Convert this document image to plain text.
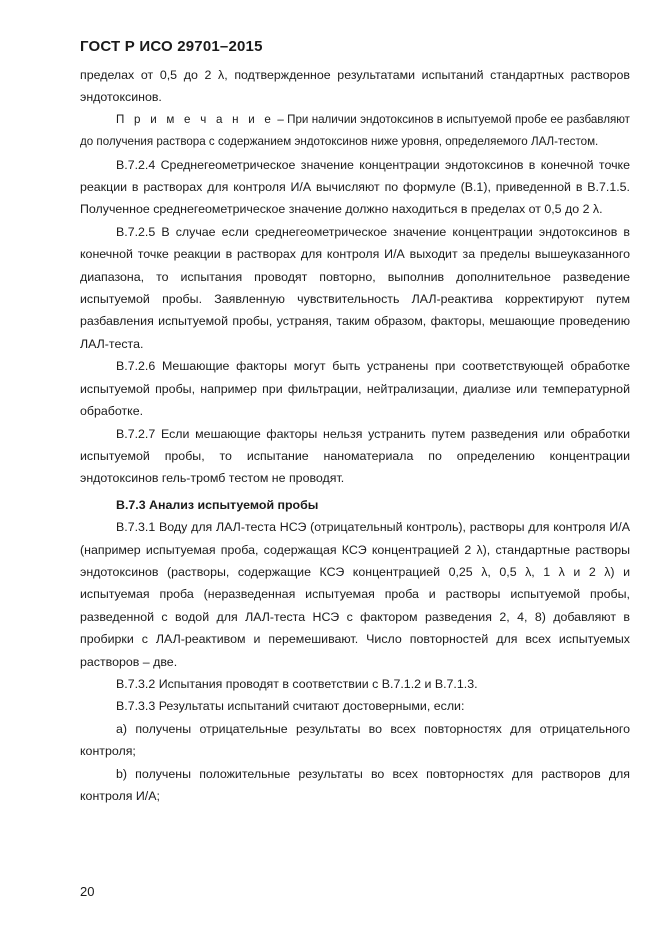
ГОСТ Р ИСО 29701–2015

пределах от 0,5 до 2 λ, подтвержденное результатами испытаний стандартных растворов эндотоксинов.

П р и м е ч а н и е – При наличии эндотоксинов в испытуемой пробе ее разбавляют до получения раствора с содержанием эндотоксинов ниже уровня, определяемого ЛАЛ-тестом.

В.7.2.4 Среднегеометрическое значение концентрации эндотоксинов в конечной точке реакции в растворах для контроля И/А вычисляют по формуле (В.1), приведенной в В.7.1.5. Полученное среднегеометрическое значение должно находиться в пределах от 0,5 до 2 λ.

В.7.2.5 В случае если среднегеометрическое значение концентрации эндотоксинов в конечной точке реакции в растворах для контроля И/А выходит за пределы вышеуказанного диапазона, то испытания проводят повторно, выполнив дополнительное разведение испытуемой пробы. Заявленную чувствительность ЛАЛ-реактива корректируют путем разбавления испытуемой пробы, устраняя, таким образом, факторы, мешающие проведению ЛАЛ-теста.

В.7.2.6 Мешающие факторы могут быть устранены при соответствующей обработке испытуемой пробы, например при фильтрации, нейтрализации, диализе или температурной обработке.

В.7.2.7 Если мешающие факторы нельзя устранить путем разведения или обработки испытуемой пробы, то испытание наноматериала по определению концентрации эндотоксинов гель-тромб тестом не проводят.

В.7.3 Анализ испытуемой пробы

В.7.3.1 Воду для ЛАЛ-теста НСЭ (отрицательный контроль), растворы для контроля И/А (например испытуемая проба, содержащая КСЭ концентрацией 2 λ), стандартные растворы эндотоксинов (растворы, содержащие КСЭ концентрацией 0,25 λ, 0,5 λ, 1 λ и 2 λ) и испытуемая проба (неразведенная испытуемая проба и растворы испытуемой пробы, разведенной с водой для ЛАЛ-теста НСЭ с фактором разведения 2, 4, 8) добавляют в пробирки с ЛАЛ-реактивом и перемешивают. Число повторностей для всех испытуемых растворов – две.

В.7.3.2 Испытания проводят в соответствии с В.7.1.2 и В.7.1.3.

В.7.3.3 Результаты испытаний считают достоверными, если:

a) получены отрицательные результаты во всех повторностях для отрицательного контроля;

b) получены положительные результаты во всех повторностях для растворов для контроля И/А;

20
